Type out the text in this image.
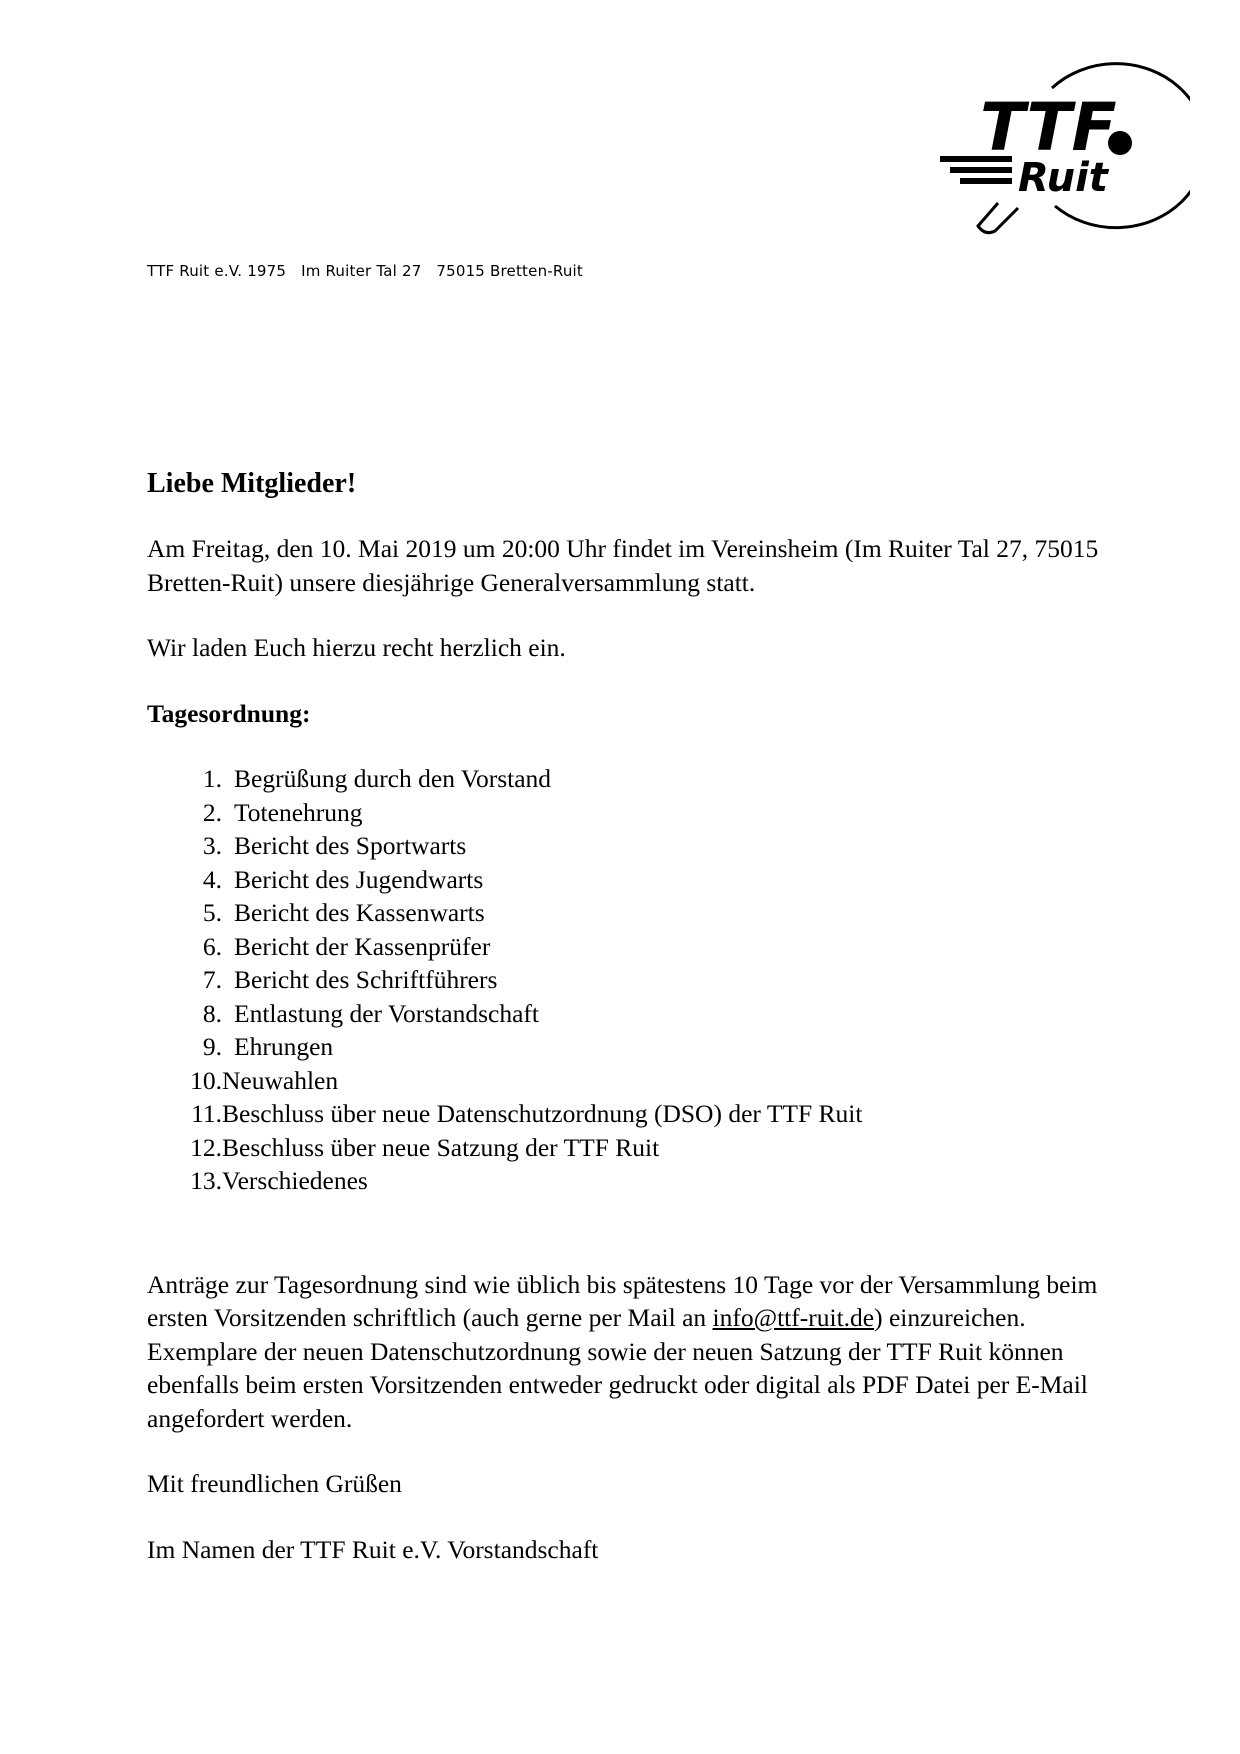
TTF
Ruit
TTF Ruit e.V. 1975   Im Ruiter Tal 27   75015 Bretten-Ruit
Liebe Mitglieder!

Am Freitag, den 10. Mai 2019 um 20:00 Uhr findet im Vereinsheim (Im Ruiter Tal 27, 75015 Bretten-Ruit) unsere diesjährige Generalversammlung statt.

Wir laden Euch hierzu recht herzlich ein.

Tagesordnung:

1. Begrüßung durch den Vorstand
2. Totenehrung
3. Bericht des Sportwarts
4. Bericht des Jugendwarts
5. Bericht des Kassenwarts
6. Bericht der Kassenprüfer
7. Bericht des Schriftführers
8. Entlastung der Vorstandschaft
9. Ehrungen
10. Neuwahlen
11. Beschluss über neue Datenschutzordnung (DSO) der TTF Ruit
12. Beschluss über neue Satzung der TTF Ruit
13. Verschiedenes

Anträge zur Tagesordnung sind wie üblich bis spätestens 10 Tage vor der Versammlung beim ersten Vorsitzenden schriftlich (auch gerne per Mail an info@ttf-ruit.de) einzureichen.

Exemplare der neuen Datenschutzordnung sowie der neuen Satzung der TTF Ruit können ebenfalls beim ersten Vorsitzenden entweder gedruckt oder digital als PDF Datei per E-Mail angefordert werden.

Mit freundlichen Grüßen

Im Namen der TTF Ruit e.V. Vorstandschaft
